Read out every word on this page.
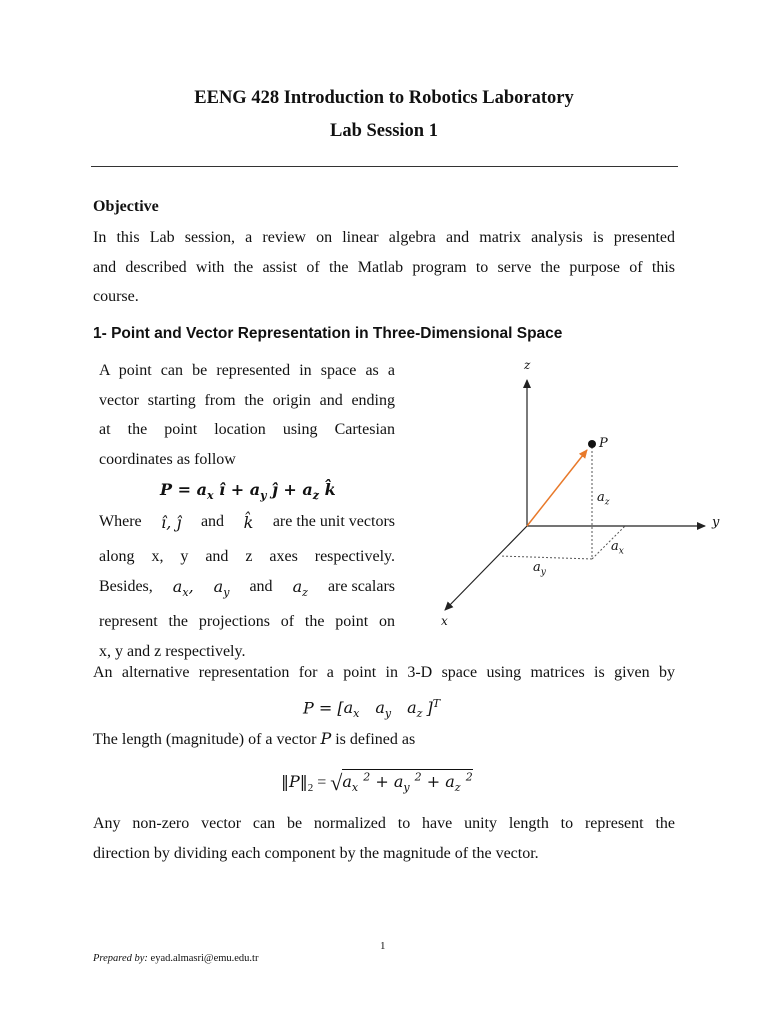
EENG 428 Introduction to Robotics Laboratory
Lab Session 1
Objective
In this Lab session, a review on linear algebra and matrix analysis is presented
and described with the assist of the Matlab program to serve the purpose of this
course.
1- Point and Vector Representation in Three-Dimensional Space
A point can be represented in space as a
vector starting from the origin and ending
at the point location using Cartesian
coordinates as follow
$P = a_x$ î + $a_y$ ĵ + $a_z$ k̂
Where î, ĵ and k̂ are the unit vectors
along x, y and z axes respectively.
Besides, $a_x$, $a_y$ and $a_z$ are scalars
represent the projections of the point on
x, y and z respectively.
z
y
x
P
$a_z$
$a_x$
$a_y$
An alternative representation for a point in 3-D space using matrices is given by
$P = [a_x$ $a_y$ $a_z$ ]$^T$
The length (magnitude) of a vector P is defined as
$‖P‖_2 = √a_x$ $^2 + a_y$ $^2 + a_z$ $^2$
Any non-zero vector can be normalized to have unity length to represent the
direction by dividing each component by the magnitude of the vector.
1
Prepared by: eyad.almasri@emu.edu.tr
